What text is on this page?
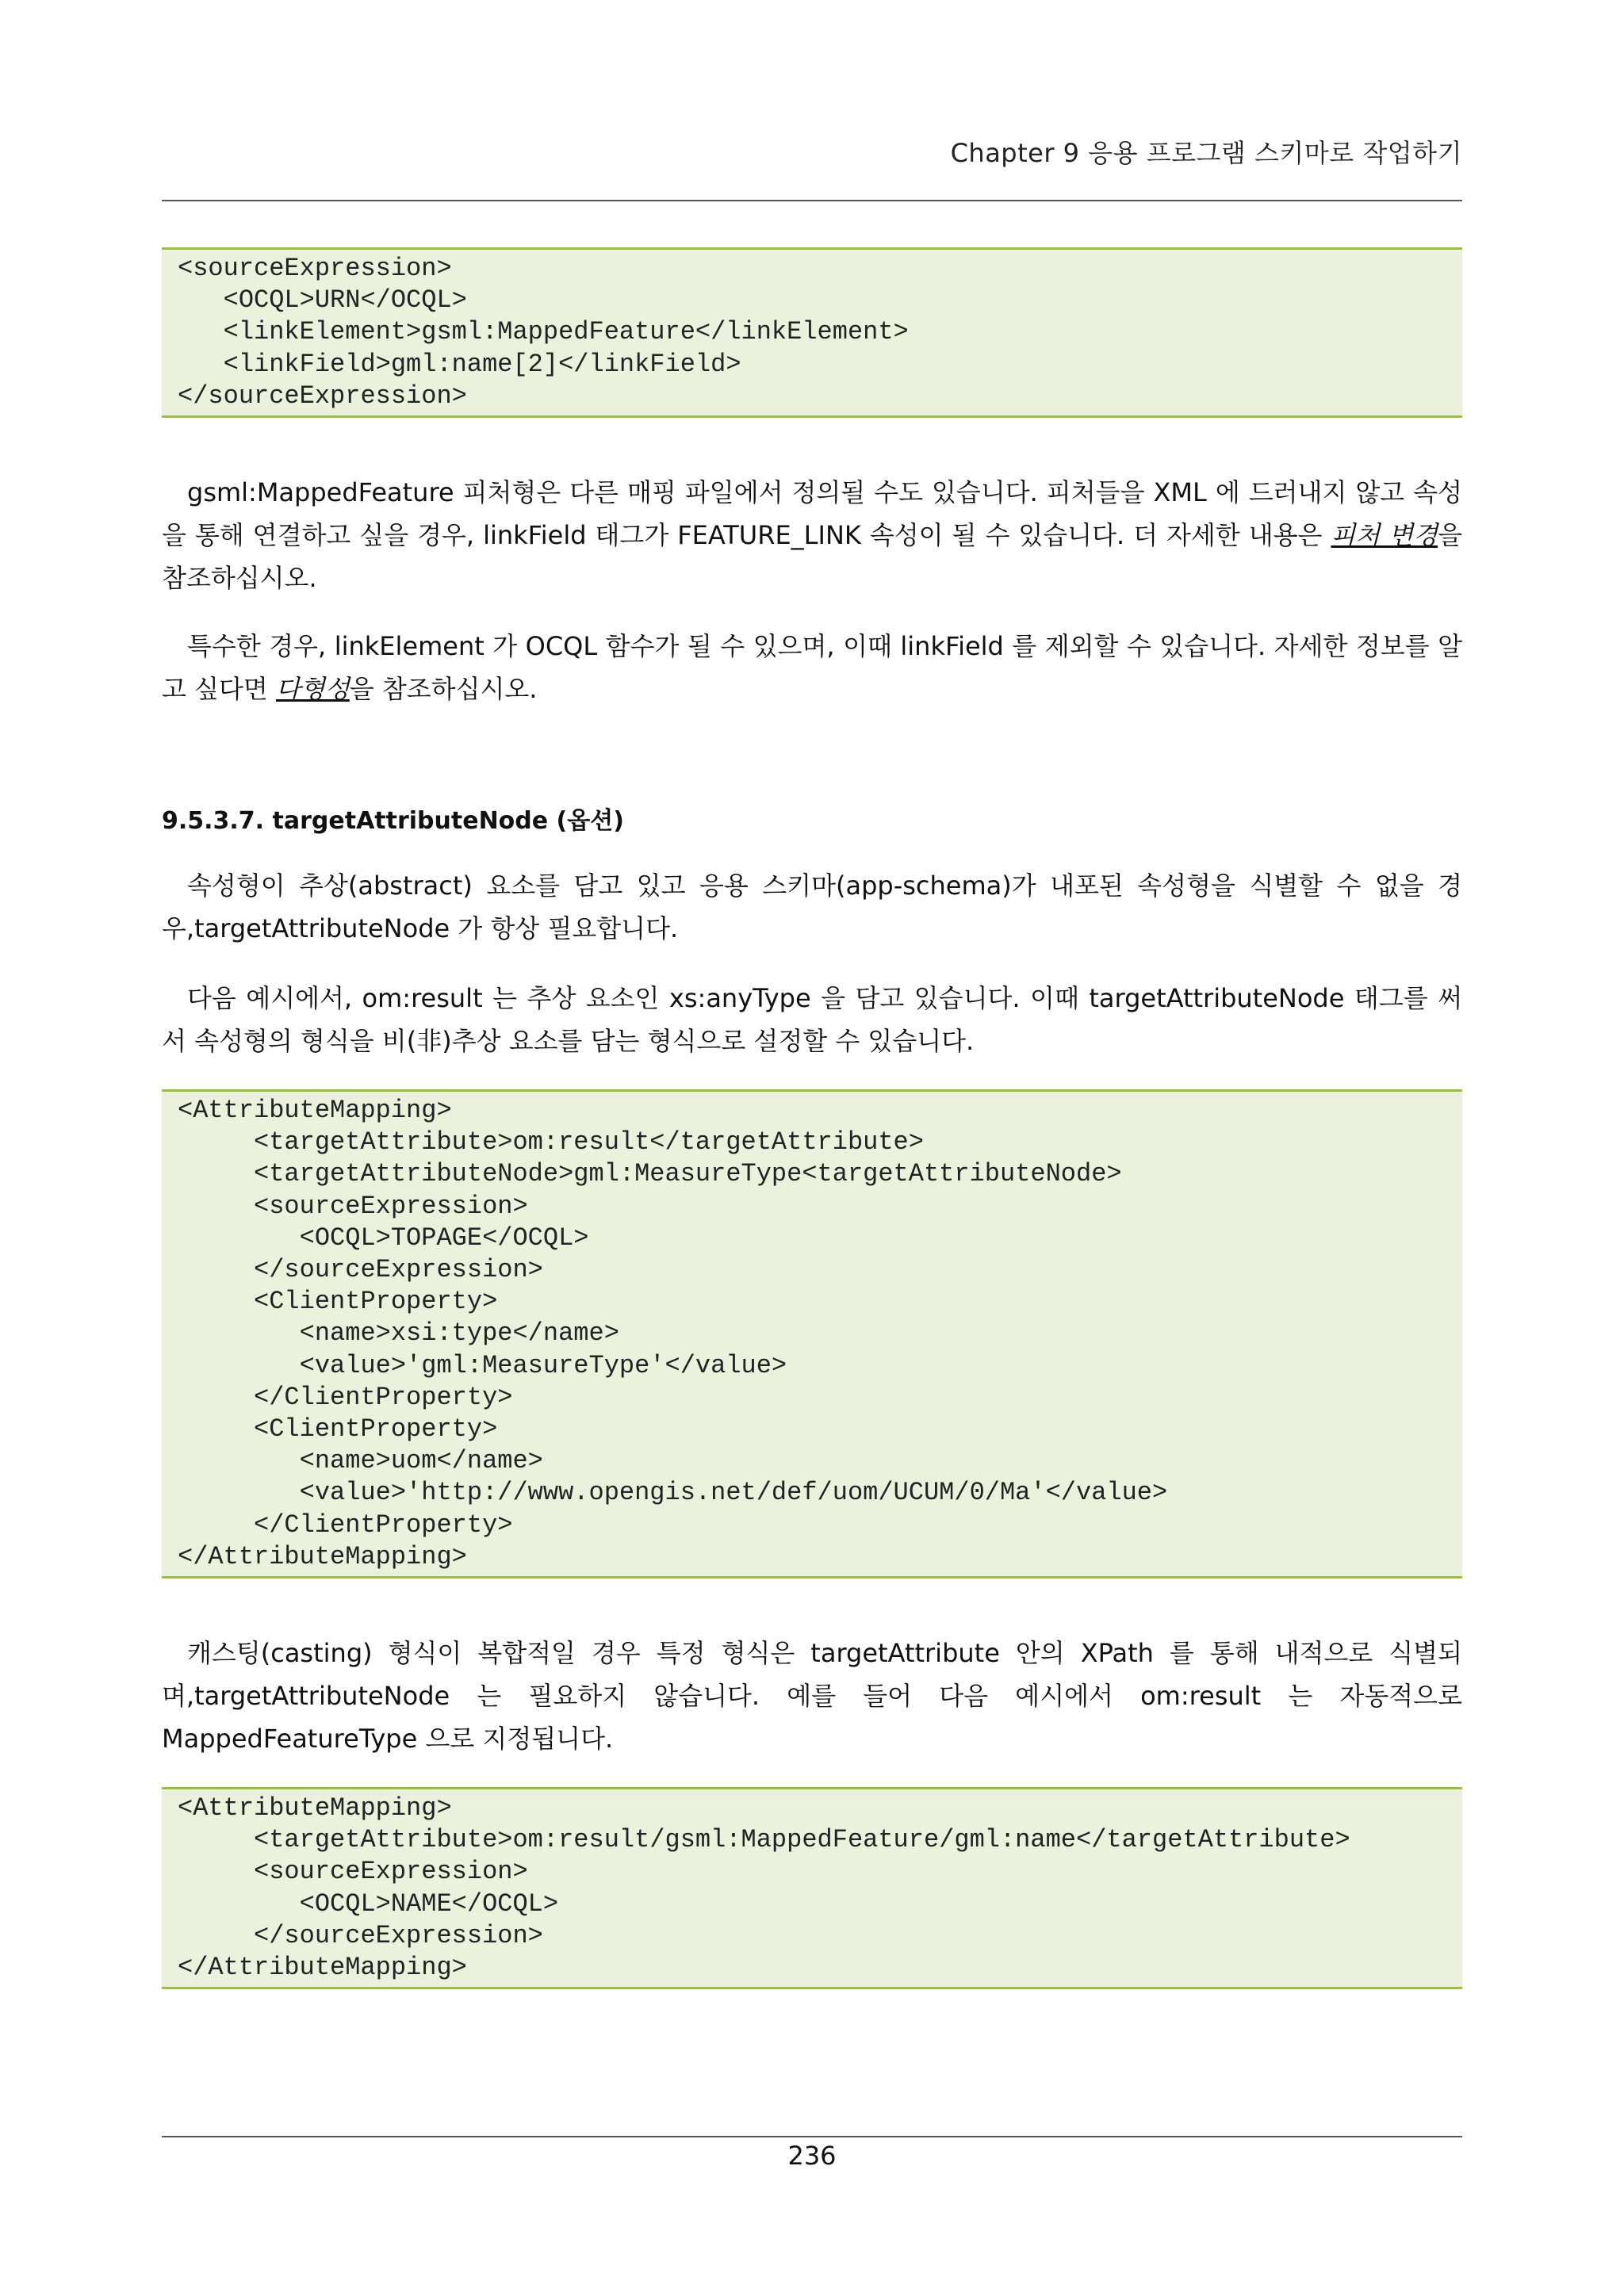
Chapter 9 응용 프로그램 스키마로 작업하기
<sourceExpression>
<OCQL>URN</OCQL>
<linkElement>gsml:MappedFeature</linkElement>
<linkField>gml:name[2]</linkField>
</sourceExpression>
gsml:MappedFeature 피처형은 다른 매핑 파일에서 정의될 수도 있습니다. 피처들을 XML 에 드러내지 않고 속성을 통해 연결하고 싶을 경우, linkField 태그가 FEATURE_LINK 속성이 될 수 있습니다. 더 자세한 내용은 피처 변경을 참조하십시오.
특수한 경우, linkElement 가 OCQL 함수가 될 수 있으며, 이때 linkField 를 제외할 수 있습니다. 자세한 정보를 알고 싶다면 다형성을 참조하십시오.
9.5.3.7. targetAttributeNode (옵션)
속성형이 추상(abstract) 요소를 담고 있고 응용 스키마(app-schema)가 내포된 속성형을 식별할 수 없을 경우,targetAttributeNode 가 항상 필요합니다.
다음 예시에서, om:result 는 추상 요소인 xs:anyType 을 담고 있습니다. 이때 targetAttributeNode 태그를 써서 속성형의 형식을 비(非)추상 요소를 담는 형식으로 설정할 수 있습니다.
<AttributeMapping>
<targetAttribute>om:result</targetAttribute>
<targetAttributeNode>gml:MeasureType<targetAttributeNode>
<sourceExpression>
<OCQL>TOPAGE</OCQL>
</sourceExpression>
<ClientProperty>
<name>xsi:type</name>
<value>'gml:MeasureType'</value>
</ClientProperty>
<ClientProperty>
<name>uom</name>
<value>'http://www.opengis.net/def/uom/UCUM/0/Ma'</value>
</ClientProperty>
</AttributeMapping>
캐스팅(casting) 형식이 복합적일 경우 특정 형식은 targetAttribute 안의 XPath 를 통해 내적으로 식별되며,targetAttributeNode 는 필요하지 않습니다. 예를 들어 다음 예시에서 om:result 는 자동적으로 MappedFeatureType 으로 지정됩니다.
<AttributeMapping>
<targetAttribute>om:result/gsml:MappedFeature/gml:name</targetAttribute>
<sourceExpression>
<OCQL>NAME</OCQL>
</sourceExpression>
</AttributeMapping>
236
